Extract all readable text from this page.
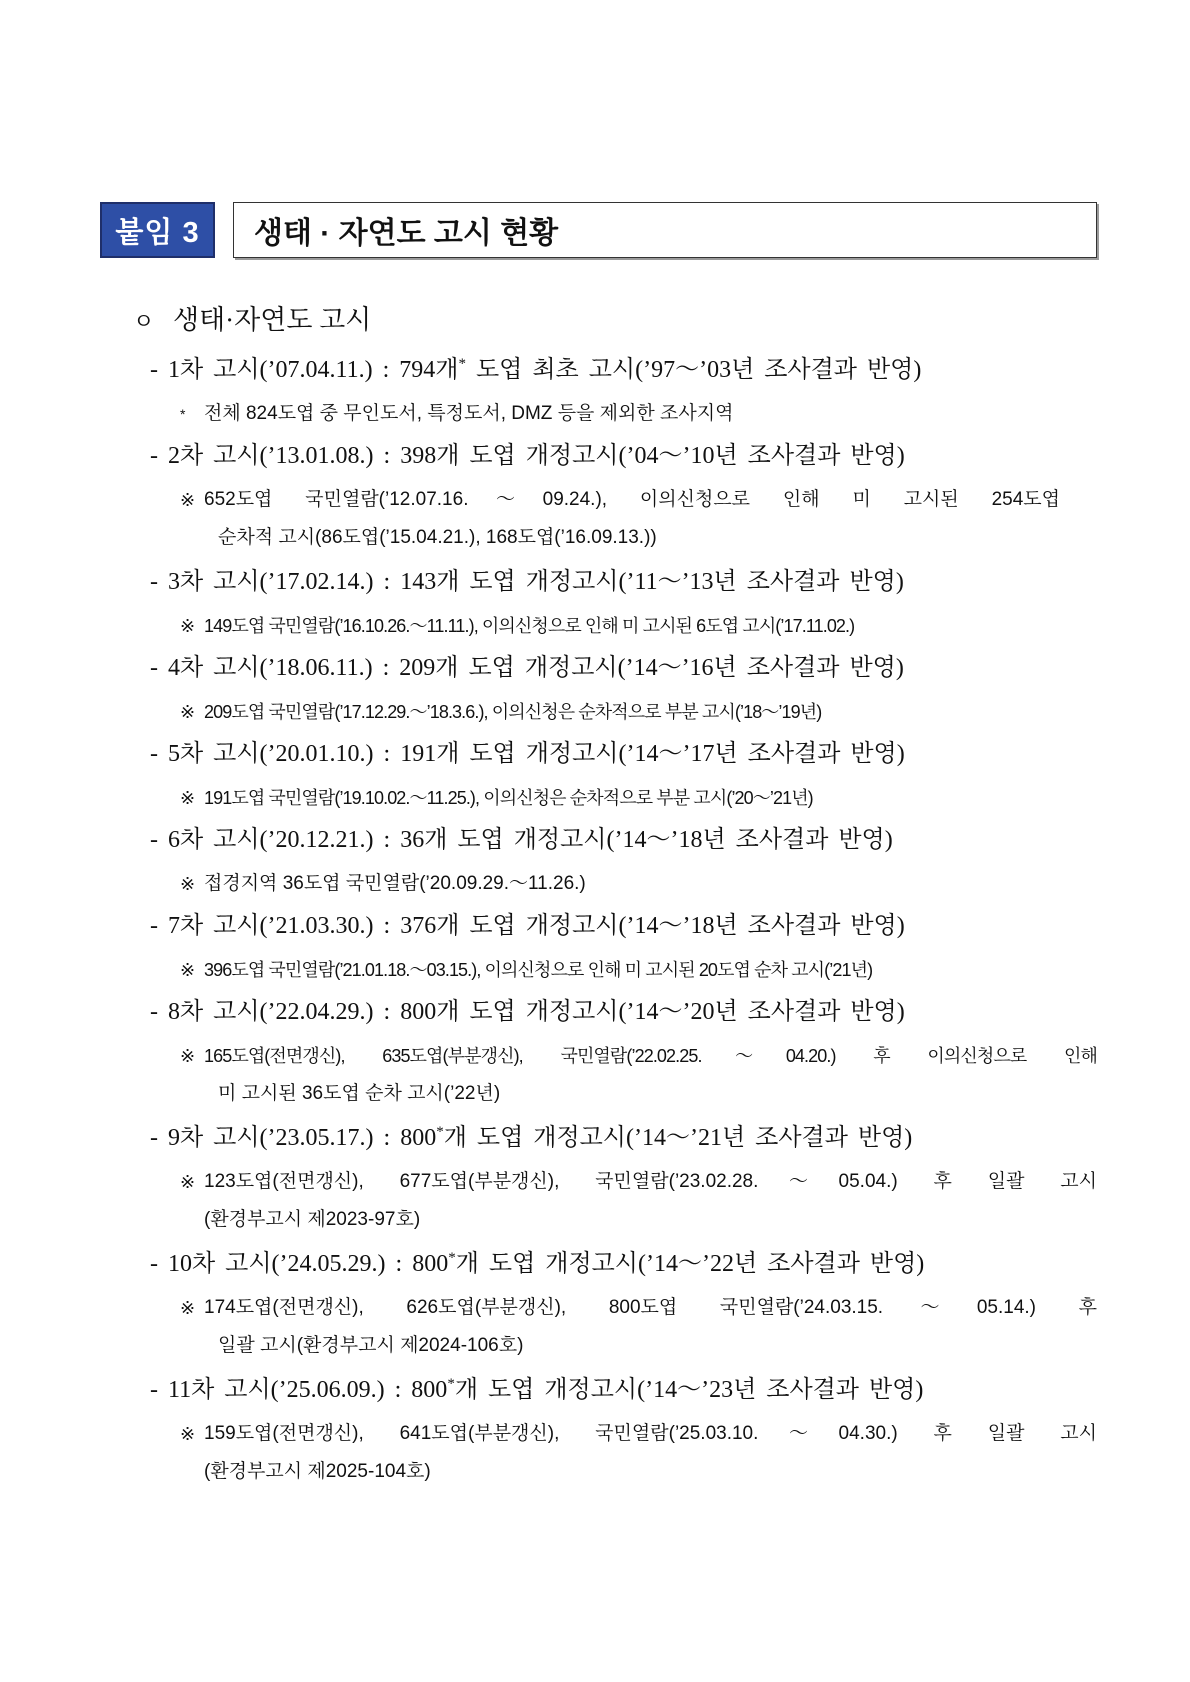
붙임 3	생태 · 자연도 고시 현황
ㅇ 생태·자연도 고시
- 1차 고시(’07.04.11.) : 794개* 도엽 최초 고시(’97～’03년 조사결과 반영)
* 전체 824도엽 중 무인도서, 특정도서, DMZ 등을 제외한 조사지역
- 2차 고시(’13.01.08.) : 398개 도엽 개정고시(’04～’10년 조사결과 반영)
※ 652도엽 국민열람(’12.07.16.～09.24.), 이의신청으로 인해 미 고시된 254도엽
순차적 고시(86도엽(’15.04.21.), 168도엽(’16.09.13.))
- 3차 고시(’17.02.14.) : 143개 도엽 개정고시(’11～’13년 조사결과 반영)
※ 149도엽 국민열람(’16.10.26.～11.11.), 이의신청으로 인해 미 고시된 6도엽 고시(’17.11.02.)
- 4차 고시(’18.06.11.) : 209개 도엽 개정고시(’14～’16년 조사결과 반영)
※ 209도엽 국민열람(’17.12.29.～’18.3.6.), 이의신청은 순차적으로 부분 고시(’18～’19년)
- 5차 고시(’20.01.10.) : 191개 도엽 개정고시(’14～’17년 조사결과 반영)
※ 191도엽 국민열람(’19.10.02.～11.25.), 이의신청은 순차적으로 부분 고시(’20～’21년)
- 6차 고시(’20.12.21.) : 36개 도엽 개정고시(’14～’18년 조사결과 반영)
※ 접경지역 36도엽 국민열람(’20.09.29.～11.26.)
- 7차 고시(’21.03.30.) : 376개 도엽 개정고시(’14～’18년 조사결과 반영)
※ 396도엽 국민열람(’21.01.18.～03.15.), 이의신청으로 인해 미 고시된 20도엽 순차 고시(’21년)
- 8차 고시(’22.04.29.) : 800개 도엽 개정고시(’14～’20년 조사결과 반영)
※ 165도엽(전면갱신), 635도엽(부분갱신), 국민열람(’22.02.25.～04.20.) 후 이의신청으로 인해
미 고시된 36도엽 순차 고시(’22년)
- 9차 고시(’23.05.17.) : 800*개 도엽 개정고시(’14～’21년 조사결과 반영)
※ 123도엽(전면갱신), 677도엽(부분갱신), 국민열람(’23.02.28.～05.04.) 후 일괄 고시
(환경부고시 제2023-97호)
- 10차 고시(’24.05.29.) : 800*개 도엽 개정고시(’14～’22년 조사결과 반영)
※ 174도엽(전면갱신), 626도엽(부분갱신), 800도엽 국민열람(’24.03.15.～05.14.) 후
일괄 고시(환경부고시 제2024-106호)
- 11차 고시(’25.06.09.) : 800*개 도엽 개정고시(’14～’23년 조사결과 반영)
※ 159도엽(전면갱신), 641도엽(부분갱신), 국민열람(’25.03.10.～04.30.) 후 일괄 고시
(환경부고시 제2025-104호)
